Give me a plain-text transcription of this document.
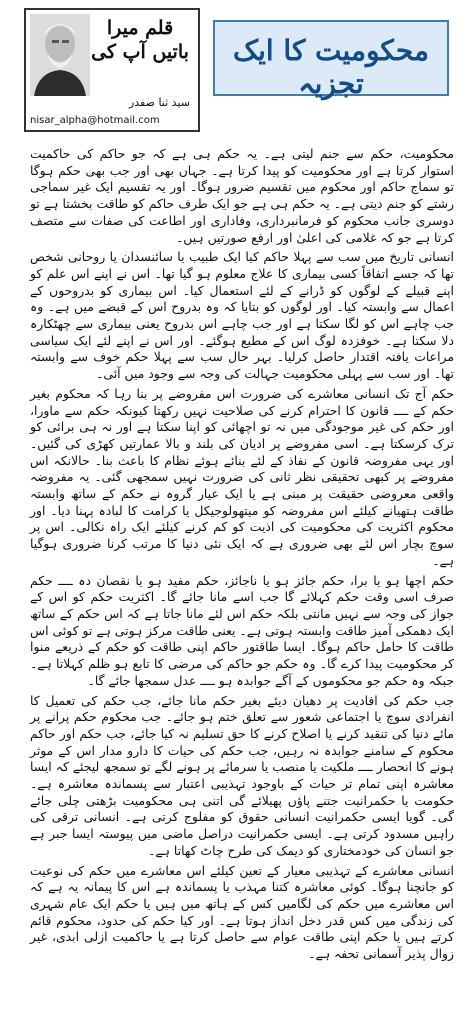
قلم میرا
باتیں آپ کی
سید ثنا صفدر
nisar_alpha@hotmail.com
محکومیت کا ایک تجزیہ

محکومیت، حکم سے جنم لیتی ہے۔ یہ حکم ہی ہے کہ جو حاکم کی حاکمیت استوار کرتا ہے اور محکومیت کو پیدا کرتا ہے۔ جہاں بھی اور جب بھی حکم ہوگا تو سماج حاکم اور محکوم میں تقسیم ضرور ہوگا۔ اور یہ تقسیم ایک غیر سماجی رشتے کو جنم دیتی ہے۔ یہ حکم ہی ہے جو ایک طرف حاکم کو طاقت بخشتا ہے تو دوسری جانب محکوم کو فرمانبرداری، وفاداری اور اطاعت کی صفات سے متصف کرتا ہے جو کہ غلامی کی اعلیٰ اور ارفع صورتیں ہیں۔

انسانی تاریخ میں سب سے پہلا حاکم کیا ایک طبیب یا سائنسدان یا روحانی شخص تھا کہ جسے اتفاقاً کسی بیماری کا علاج معلوم ہو گیا تھا۔ اس نے اپنے اس علم کو اپنے قبیلے کے لوگوں کو ڈرانے کے لئے استعمال کیا۔ اس بیماری کو بدروحوں کے اعمال سے وابستہ کیا۔ اور لوگوں کو بتایا کہ وہ بدروح اس کے قبضے میں ہے۔ وہ جب چاہے اس کو لگا سکتا ہے اور جب چاہے اس بدروح یعنی بیماری سے چھٹکارہ دلا سکتا ہے۔ خوفزدہ لوگ اس کے مطیع ہوگئے۔ اور اس نے اپنے لئے ایک سیاسی مراعات یافتہ اقتدار حاصل کرلیا۔ بہر حال سب سے پہلا حکم خوف سے وابستہ تھا۔ اور سب سے پہلی محکومیت جہالت کی وجہ سے وجود میں آئی۔

حکم آج تک انسانی معاشرے کی ضرورت اس مفروضے پر بنا رہا کہ محکوم بغیر حکم کے ــــ قانون کا احترام کرنے کی صلاحیت نہیں رکھتا کیونکہ حکم سے ماورا، اور حکم کی غیر موجودگی میں نہ تو اچھائی کو اپنا سکتا ہے اور نہ ہی برائی کو ترک کرسکتا ہے۔ اسی مفروضے پر ادیان کی بلند و بالا عمارتیں کھڑی کی گئیں۔ اور یہی مفروضہ قانون کے نفاذ کے لئے بنائے ہوئے نظام کا باعث بنا۔ حالانکہ اس مفروضے پر کبھی تحقیقی نظر ثانی کی ضرورت نہیں سمجھی گئی۔ یہ مفروضہ واقعی معروضی حقیقت پر مبنی ہے یا ایک عیار گروہ نے حکم کے ساتھ وابستہ طاقت ہتھیانے کیلئے اس مفروضہ کو میتھولوجیکل یا کرامت کا لبادہ پہنا دیا۔ اور محکوم اکثریت کی محکومیت کی اذیت کو کم کرنے کیلئے ایک راہ نکالی۔ اس پر سوچ بچار اس لئے بھی ضروری ہے کہ ایک نئی دنیا کا مرتب کرنا ضروری ہوگیا ہے۔

حکم اچھا ہو یا برا، حکم جائز ہو یا ناجائز، حکم مفید ہو یا نقصان دہ ــــ حکم صرف اسی وقت حکم کہلائے گا جب اسے مانا جائے گا۔ اکثریت حکم کو اس کے جواز کی وجہ سے نہیں مانتی بلکہ حکم اس لئے مانا جاتا ہے کہ اس حکم کے ساتھ ایک دھمکی آمیز طاقت وابستہ ہوتی ہے۔ یعنی طاقت مرکز ہوتی ہے تو کوئی اس طاقت کا حامل حاکم ہوگا۔ ایسا طاقتور حاکم اپنی طاقت کو حکم کے ذریعے منوا کر محکومیت پیدا کرے گا۔ وہ حکم جو حاکم کی مرضی کا تابع ہو ظلم کہلاتا ہے۔ جبکہ وہ حکم جو محکوموں کے آگے جوابدہ ہو ــــ عدل سمجھا جائے گا۔

جب حکم کی افادیت پر دھیان دیئے بغیر حکم مانا جائے، جب حکم کی تعمیل کا انفرادی سوچ یا اجتماعی شعور سے تعلق ختم ہو جائے۔ جب محکوم حکم پرانے پر مائے دنیا کی تنقید کرنے یا اصلاح کرنے کا حق تسلیم نہ کیا جائے، جب حکم اور حاکم محکوم کے سامنے جوابدہ نہ رہیں، جب حکم کی حیات کا دارو مدار اس کے موثر ہونے کا انحصار ــــ ملکیت یا منصب یا سرمائے پر ہونے لگے تو سمجھ لیجئے کہ ایسا معاشرہ اپنی تمام تر حیات کے باوجود تہذیبی اعتبار سے پسماندہ معاشرہ ہے۔ حکومت یا حکمرانیت جتنے پاؤں پھیلائے گی اتنی ہی محکومیت بڑھتی چلی جائے گی۔ گویا ایسی حکمرانیت انسانی حقوق کو مفلوج کرتی ہے۔ انسانی ترقی کی راہیں مسدود کرتی ہے۔ ایسی حکمرانیت دراصل ماضی میں پیوستہ ایسا جبر ہے جو انسان کی خودمختاری کو دیمک کی طرح چاٹ کھاتا ہے۔

انسانی معاشرے کے تہذیبی معیار کے تعین کیلئے اس معاشرے میں حکم کی نوعیت کو جانچنا ہوگا۔ کوئی معاشرہ کتنا مہذب یا پسماندہ ہے اس کا پیمانہ یہ ہے کہ اس معاشرے میں حکم کی لگامیں کس کے ہاتھ میں ہیں یا حکم ایک عام شہری کی زندگی میں کس قدر دخل انداز ہوتا ہے۔ اور کیا حکم کی حدود، محکوم قائم کرتے ہیں یا حکم اپنی طاقت عوام سے حاصل کرتا ہے یا حاکمیت ازلی ابدی، غیر زوال پذیر آسمانی تحفہ ہے۔
